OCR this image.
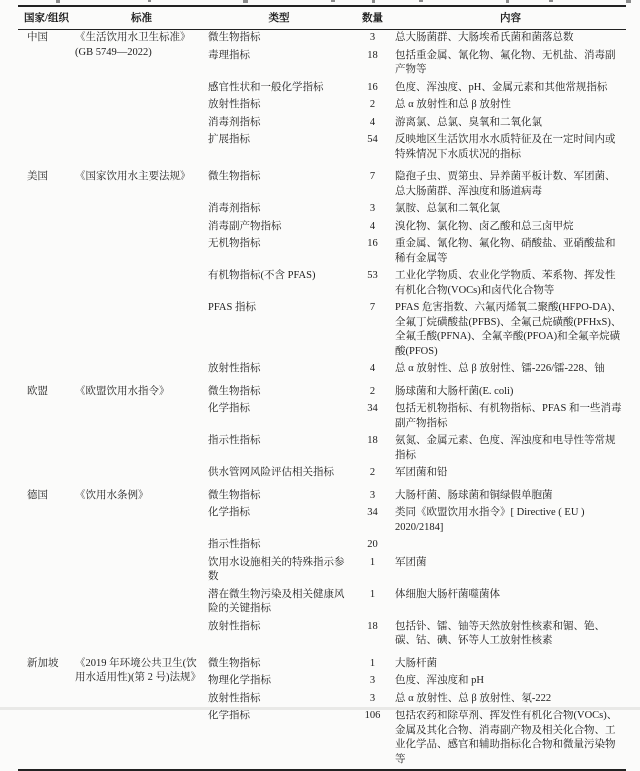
国家/组织	标准	类型	数量	内容
中国	《生活饮用水卫生标准》(GB 5749—2022)	微生物指标	3	总大肠菌群、大肠埃希氏菌和菌落总数
		毒理指标	18	包括重金属、氰化物、氟化物、无机盐、消毒副产物等
		感官性状和一般化学指标	16	色度、浑浊度、pH、金属元素和其他常规指标
		放射性指标	2	总 α 放射性和总 β 放射性
		消毒剂指标	4	游离氯、总氯、臭氧和二氧化氯
		扩展指标	54	反映地区生活饮用水水质特征及在一定时间内或特殊情况下水质状况的指标
美国	《国家饮用水主要法规》	微生物指标	7	隐孢子虫、贾第虫、异养菌平板计数、军团菌、总大肠菌群、浑浊度和肠道病毒
		消毒剂指标	3	氯胺、总氯和二氧化氯
		消毒副产物指标	4	溴化物、氯化物、卤乙酸和总三卤甲烷
		无机物指标	16	重金属、氰化物、氟化物、硝酸盐、亚硝酸盐和稀有金属等
		有机物指标(不含 PFAS)	53	工业化学物质、农业化学物质、苯系物、挥发性有机化合物(VOCs)和卤代化合物等
		PFAS 指标	7	PFAS 危害指数、六氟丙烯氧二聚酸(HFPO-DA)、全氟丁烷磺酸盐(PFBS)、全氟己烷磺酸(PFHxS)、全氟壬酸(PFNA)、全氟辛酸(PFOA)和全氟辛烷磺酸(PFOS)
		放射性指标	4	总 α 放射性、总 β 放射性、镭-226/镭-228、铀
欧盟	《欧盟饮用水指令》	微生物指标	2	肠球菌和大肠杆菌(E. coli)
		化学指标	34	包括无机物指标、有机物指标、PFAS 和一些消毒副产物指标
		指示性指标	18	氨氮、金属元素、色度、浑浊度和电导性等常规指标
		供水管网风险评估相关指标	2	军团菌和铅
德国	《饮用水条例》	微生物指标	3	大肠杆菌、肠球菌和铜绿假单胞菌
		化学指标	34	类同《欧盟饮用水指令》[ Directive ( EU ) 2020/2184]
		指示性指标	20	
		饮用水设施相关的特殊指示参数	1	军团菌
		潜在微生物污染及相关健康风险的关键指标	1	体细胞大肠杆菌噬菌体
		放射性指标	18	包括钋、镭、铀等天然放射性核素和镅、铯、碳、钴、碘、钚等人工放射性核素
新加坡	《2019 年环境公共卫生(饮用水适用性)(第 2 号)法规》	微生物指标	1	大肠杆菌
		物理化学指标	3	色度、浑浊度和 pH
		放射性指标	3	总 α 放射性、总 β 放射性、氡-222
		化学指标	106	包括农药和除草剂、挥发性有机化合物(VOCs)、金属及其化合物、消毒副产物及相关化合物、工业化学品、感官和辅助指标化合物和微量污染物等
